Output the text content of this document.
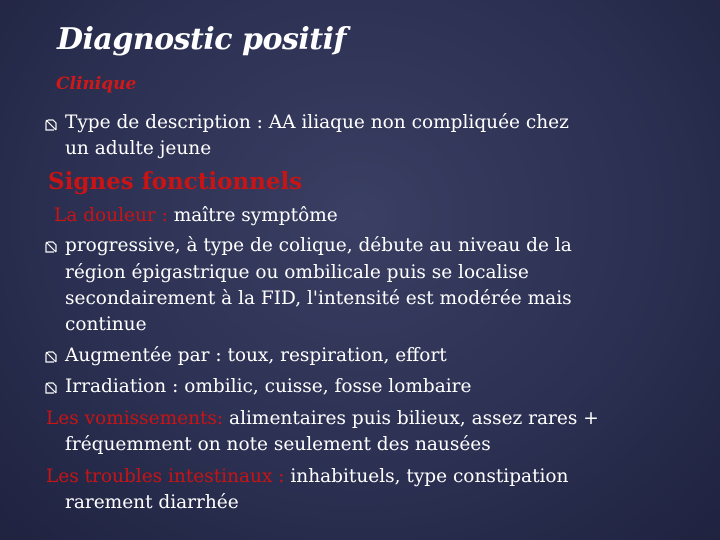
Diagnostic positif
Clinique
Type de description : AA iliaque non compliquée chez
un adulte jeune
Signes fonctionnels
La douleur : maître symptôme
progressive, à type de colique, débute au niveau de la
région épigastrique ou ombilicale puis se localise
secondairement à la FID, l'intensité est modérée mais
continue
Augmentée par : toux, respiration, effort
Irradiation : ombilic, cuisse, fosse lombaire
Les vomissements: alimentaires puis bilieux, assez rares +
fréquemment on note seulement des nausées
Les troubles intestinaux : inhabituels, type constipation
rarement diarrhée
